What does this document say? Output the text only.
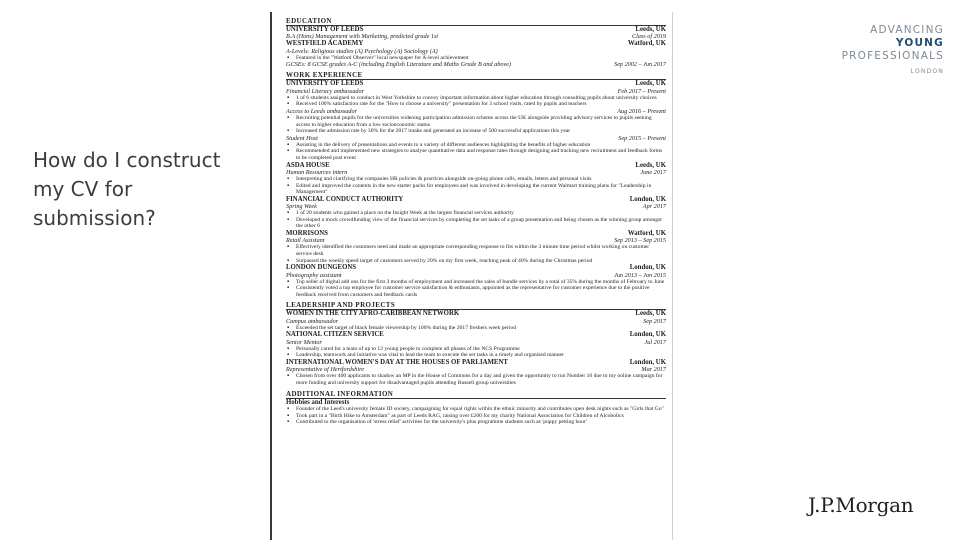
How do I construct my CV for submission?
EDUCATION
UNIVERSITY OF LEEDS	Leeds, UK
B.A (Hons) Management with Marketing, predicted grade 1st	Class of 2019
WESTFIELD ACADEMY	Watford, UK
A-Levels: Religious studies (A) Psychology (A) Sociology (A)
▪ Featured in the "Watford Observer" local newspaper for A-level achievement
GCSEs: 8 GCSE grades A-C (including English Literature and Maths Grade B and above)	Sep 2002 – Jun 2017
WORK EXPERIENCE
UNIVERSITY OF LEEDS	Leeds, UK
Financial Literacy ambassador	Feb 2017 – Present
▪ 1 of 6 students assigned to conduct in West Yorkshire to convey important information about higher education through consulting pupils about university choices
▪ Received 100% satisfaction rate for the "How to choose a university" presentation for 3 school visits, rated by pupils and teachers
Access to Leeds ambassador	Aug 2016 – Present
▪ Recruiting potential pupils for the universities widening participation admission scheme across the UK alongside providing advisory services to pupils seeking access to higher education from a low socioeconomic status
▪ Increased the admission rate by 30% for the 2017 intake and generated an increase of 500 successful applications this year
Student Host	Sep 2015 – Present
▪ Assisting in the delivery of presentations and events to a variety of different audiences highlighting the benefits of higher education
▪ Recommended and implemented new strategies to analyse quantitative data and response rates through designing and tracking new recruitment and feedback forms to be completed post event
ASDA HOUSE	Leeds, UK
Human Resources intern	June 2017
▪ Interpreting and clarifying the companies HR policies & practices alongside on-going phone calls, emails, letters and personal visits
▪ Edited and improved the contents in the new starter packs for employees and was involved in developing the current Walmart training plans for "Leadership in Management"
FINANCIAL CONDUCT AUTHORITY	London, UK
Spring Week	Apr 2017
▪ 1 of 20 students who gained a place on the Insight Week at the largest financial services authority
▪ Developed a mock crowdfunding view of the financial services by completing the set tasks of a group presentation and being chosen as the winning group amongst the other 6
MORRISONS	Watford, UK
Retail Assistant	Sep 2013 – Sep 2015
▪ Effectively identified the customers need and made an appropriate corresponding response to fits within the 3 minute time period whilst working on customer service desk
▪ Surpassed the weekly speed target of customers served by 20% on my first week, reaching peak of 40% during the Christmas period
LONDON DUNGEONS	London, UK
Photography assistant	Jun 2013 – Jan 2015
▪ Top seller of digital add ons for the first 3 months of employment and increased the sales of bundle services by a total of 35% during the months of February to June
▪ Consistently voted a top employee for customer service satisfaction & enthusiasm, appointed as the representative for customer experience due to the positive feedback received from customers and feedback cards
LEADERSHIP AND PROJECTS
WOMEN IN THE CITY AFRO-CARIBBEAN NETWORK	Leeds, UK
Campus ambassador	Sep 2017
▪ Exceeded the set target of black female viewership by 100% during the 2017 freshers week period
NATIONAL CITIZEN SERVICE	London, UK
Senior Mentor	Jul 2017
▪ Personally cared for a team of up to 12 young people to complete all phases of the NCS Programme
▪ Leadership, teamwork and initiative was vital to lead the team to execute the set tasks in a timely and organised manner
INTERNATIONAL WOMEN'S DAY AT THE HOUSES OF PARLIAMENT	London, UK
Representative of Hertfordshire	Mar 2017
▪ Chosen from over 400 applicants to shadow an MP in the House of Commons for a day and given the opportunity to run Number 10 due to my online campaign for more funding and university support for disadvantaged pupils attending Russell group universities
ADDITIONAL INFORMATION
Hobbies and Interests
▪ Founder of the Leed's university female ID society, campaigning for equal rights within the ethnic minority and contributes open desk nights such as "Girls that Go"
▪ Took part in a "Birth Hike to Amsterdam" as part of Leeds RAG, raising over £200 for my charity National Association for Children of Alcoholics
▪ Contributed to the organisation of 'stress relief' activities for the university's plus programme students such as 'puppy petting hour'
ADVANCING
YOUNG
PROFESSIONALS
LONDON
J.P.Morgan
